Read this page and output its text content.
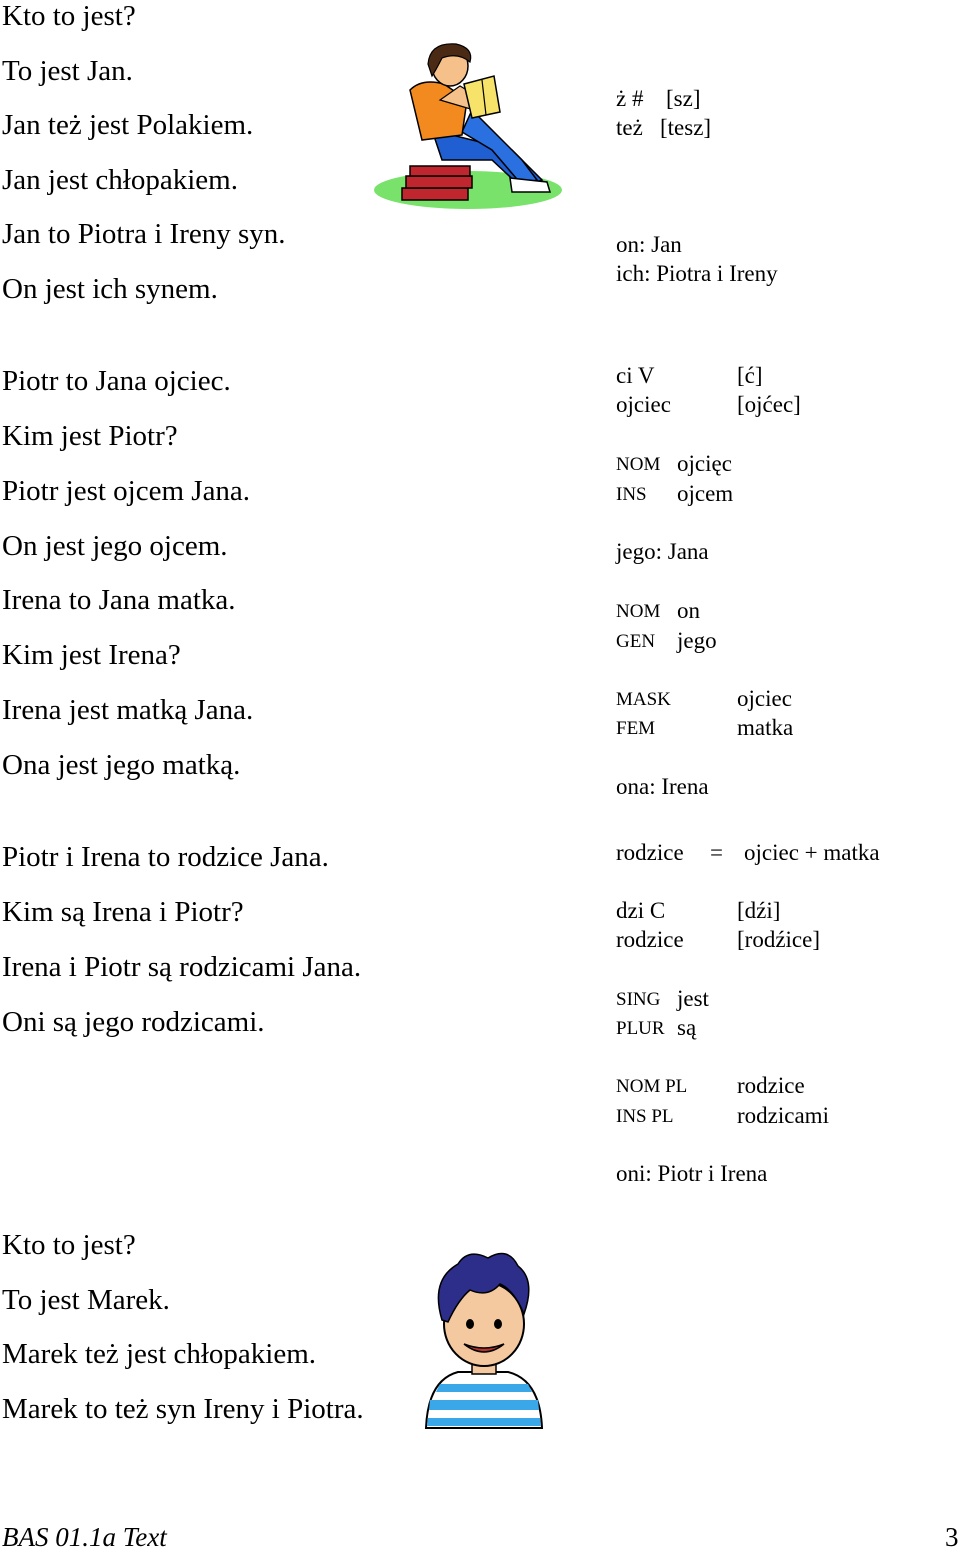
Kto to jest?
To jest Jan.
Jan też jest Polakiem.
Jan jest chłopakiem.
Jan to Piotra i Ireny syn.
On jest ich synem.
ż # [sz]
też [tesz]
on: Jan
ich: Piotra i Ireny
Piotr to Jana ojciec.
Kim jest Piotr?
Piotr jest ojcem Jana.
On jest jego ojcem.
Irena to Jana matka.
Kim jest Irena?
Irena jest matką Jana.
Ona jest jego matką.
ci V	[ć]
ojciec	[ojćec]
NOM ojcięc
INS ojcem
jego: Jana
NOM on
GEN jego
MASK	ojciec
FEM	matka
ona: Irena
Piotr i Irena to rodzice Jana.
Kim są Irena i Piotr?
Irena i Piotr są rodzicami Jana.
Oni są jego rodzicami.
rodzice = ojciec + matka
dzi C	[dźi]
rodzice [rodźice]
SING jest
PLUR są
NOM PL rodzice
INS PL	rodzicami
oni: Piotr i Irena
Kto to jest?
To jest Marek.
Marek też jest chłopakiem.
Marek to też syn Ireny i Piotra.
BAS 01.1a Text	3
